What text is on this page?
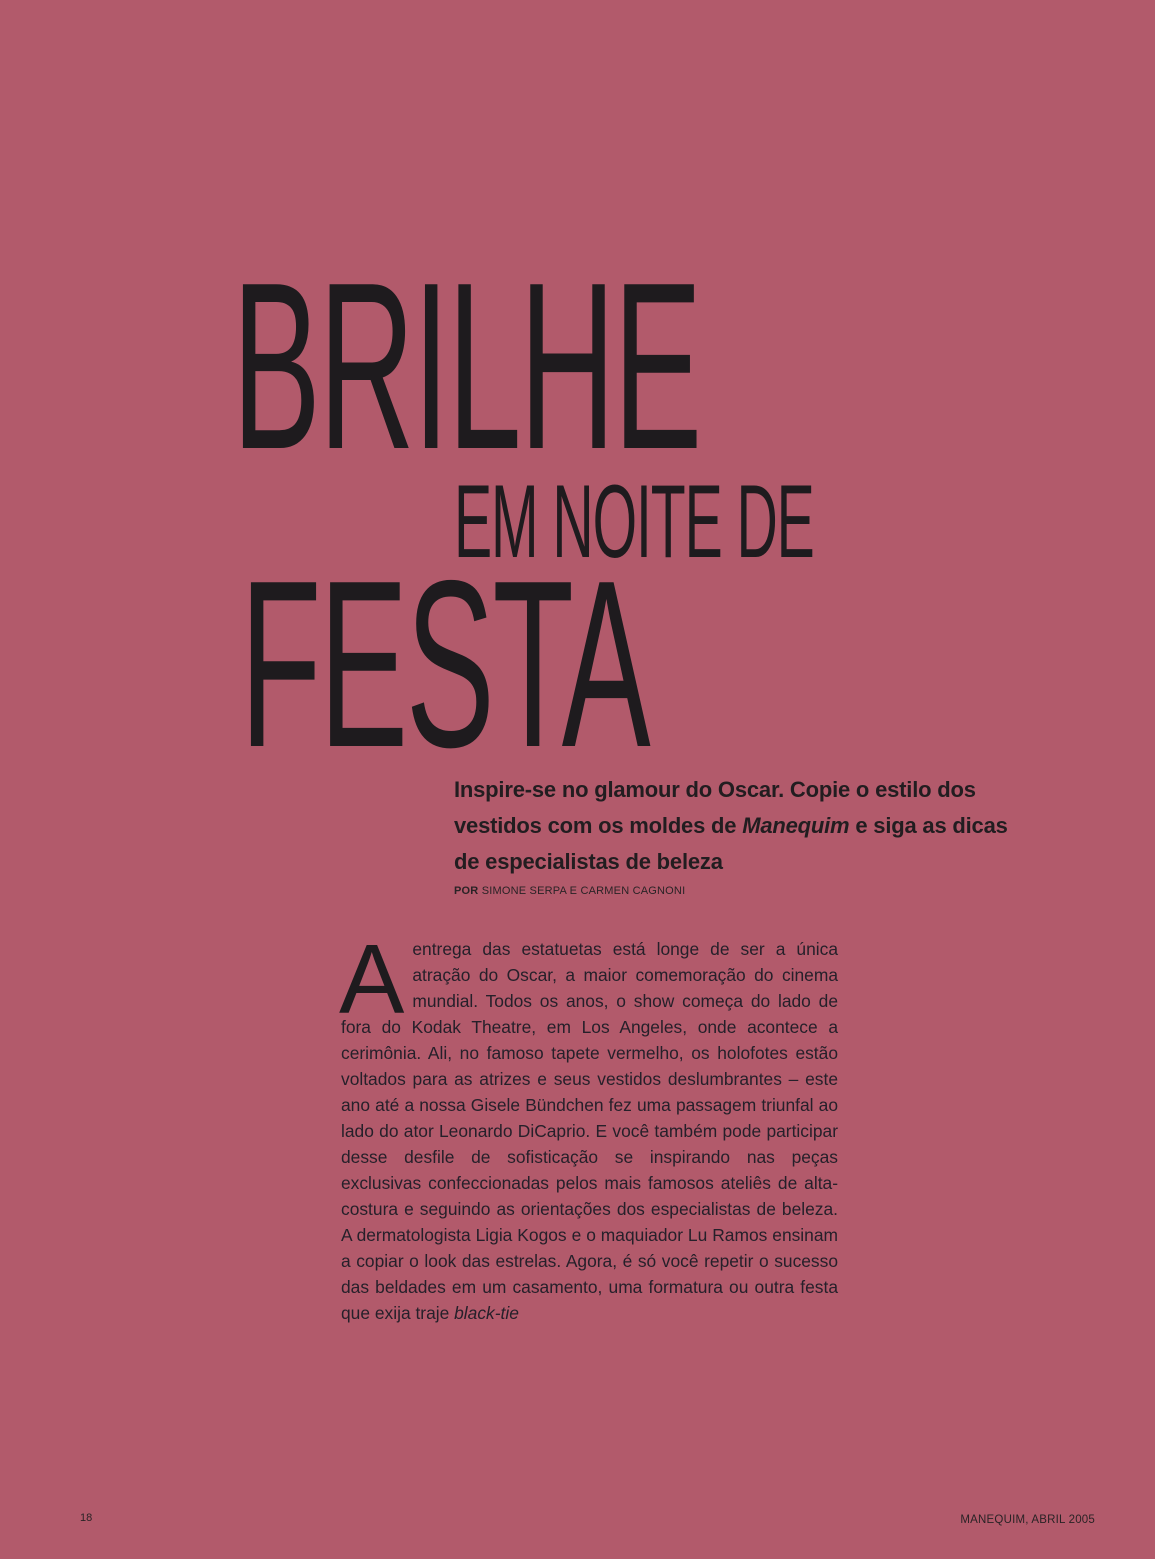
BRILHE
EM NOITE DE
FESTA
Inspire-se no glamour do Oscar. Copie o estilo dos vestidos com os moldes de Manequim e siga as dicas de especialistas de beleza
POR SIMONE SERPA E CARMEN CAGNONI

A entrega das estatuetas está longe de ser a única atração do Oscar, a maior comemoração do cinema mundial. Todos os anos, o show começa do lado de fora do Kodak Theatre, em Los Angeles, onde acontece a cerimônia. Ali, no famoso tapete vermelho, os holofotes estão voltados para as atrizes e seus vestidos deslumbrantes – este ano até a nossa Gisele Bündchen fez uma passagem triunfal ao lado do ator Leonardo DiCaprio. E você também pode participar desse desfile de sofisticação se inspirando nas peças exclusivas confeccionadas pelos mais famosos ateliês de alta-costura e seguindo as orientações dos especialistas de beleza. A dermatologista Ligia Kogos e o maquiador Lu Ramos ensinam a copiar o look das estrelas. Agora, é só você repetir o sucesso das beldades em um casamento, uma formatura ou outra festa que exija traje black-tie

18	MANEQUIM, ABRIL 2005
